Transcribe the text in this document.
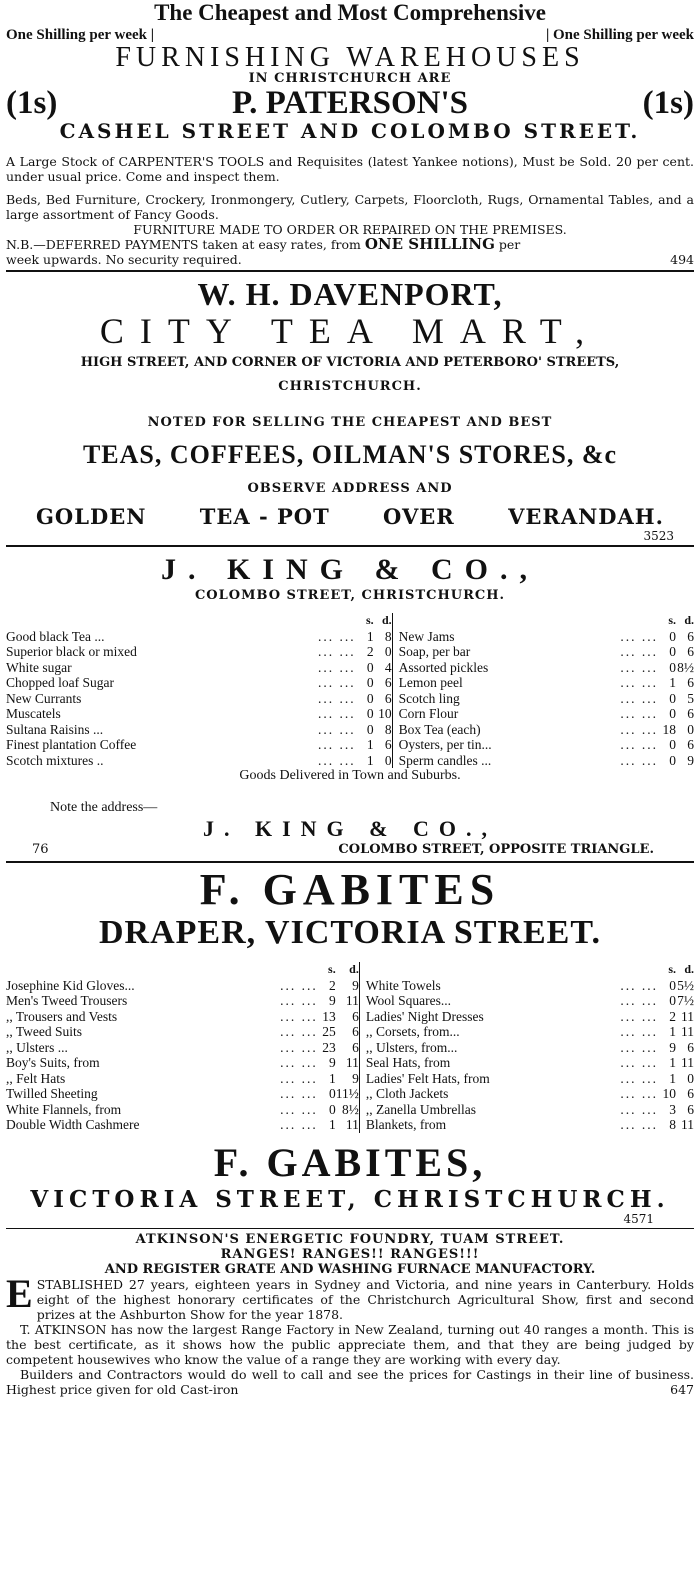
The Cheapest and Most Comprehensive
One Shilling per week |	| One Shilling per week
FURNISHING WAREHOUSES
IN CHRISTCHURCH ARE
(1s)	P. PATERSON'S	(1s)
CASHEL STREET AND COLOMBO STREET.

A Large Stock of CARPENTER'S TOOLS and Requisites (latest Yankee notions), Must be Sold. 20 per cent. under usual price. Come and inspect them.

Beds, Bed Furniture, Crockery, Ironmongery, Cutlery, Carpets, Floorcloth, Rugs, Ornamental Tables, and a large assortment of Fancy Goods.

FURNITURE MADE TO ORDER OR REPAIRED ON THE PREMISES.

N.B.—DEFERRED PAYMENTS taken at easy rates, from ONE SHILLING per

week upwards. No security required.	494
W. H. DAVENPORT,
CITY TEA MART,
HIGH STREET, AND CORNER OF VICTORIA AND PETERBORO' STREETS,
CHRISTCHURCH.
NOTED FOR SELLING THE CHEAPEST AND BEST
TEAS, COFFEES, OILMAN'S STORES, &c
OBSERVE ADDRESS AND
GOLDEN	TEA - POT	OVER	VERANDAH.
3523
J. KING & CO.,
COLOMBO STREET, CHRISTCHURCH.
		s.	d.				s.	d.
Good black Tea ...	... ...	1	8		New Jams	... ...	0	6
Superior black or mixed	... ...	2	0		Soap, per bar	... ...	0	6
White sugar	... ...	0	4		Assorted pickles	... ...	0	8½
Chopped loaf Sugar	... ...	0	6		Lemon peel	... ...	1	6
New Currants	... ...	0	6		Scotch ling	... ...	0	5
Muscatels	... ...	0	10		Corn Flour	... ...	0	6
Sultana Raisins ...	... ...	0	8		Box Tea (each)	... ...	18	0
Finest plantation Coffee	... ...	1	6		Oysters, per tin...	... ...	0	6
Scotch mixtures ..	... ...	1	0		Sperm candles ...	... ...	0	9
Goods Delivered in Town and Suburbs.
Note the address—
J. KING & CO.,
76	COLOMBO STREET, OPPOSITE TRIANGLE.
F. GABITES
DRAPER, VICTORIA STREET.
		s.	d.				s.	d.
Josephine Kid Gloves...	... ...	2	9		White Towels	... ...	0	5½
Men's Tweed Trousers	... ...	9	11		Wool Squares...	... ...	0	7½
,, Trousers and Vests	... ...	13	6		Ladies' Night Dresses	... ...	2	11
,, Tweed Suits	... ...	25	6		,, Corsets, from...	... ...	1	11
,, Ulsters ...	... ...	23	6		,, Ulsters, from...	... ...	9	6
Boy's Suits, from	... ...	9	11		Seal Hats, from	... ...	1	11
,, Felt Hats	... ...	1	9		Ladies' Felt Hats, from	... ...	1	0
Twilled Sheeting	... ...	0	11½		,, Cloth Jackets	... ...	10	6
White Flannels, from	... ...	0	8½		,, Zanella Umbrellas	... ...	3	6
Double Width Cashmere	... ...	1	11		Blankets, from	... ...	8	11
F. GABITES,
VICTORIA STREET, CHRISTCHURCH.
4571
ATKINSON'S ENERGETIC FOUNDRY, TUAM STREET.
RANGES! RANGES!! RANGES!!!
AND REGISTER GRATE AND WASHING FURNACE MANUFACTORY.

E STABLISHED 27 years, eighteen years in Sydney and Victoria, and nine years in Canterbury. Holds eight of the highest honorary certificates of the Christchurch Agricultural Show, first and second prizes at the Ashburton Show for the year 1878.

T. ATKINSON has now the largest Range Factory in New Zealand, turning out 40 ranges a month. This is the best certificate, as it shows how the public appreciate them, and that they are being judged by competent housewives who know the value of a range they are working with every day.

Builders and Contractors would do well to call and see the prices for Castings in their line of business. Highest price given for old Cast-iron	647
